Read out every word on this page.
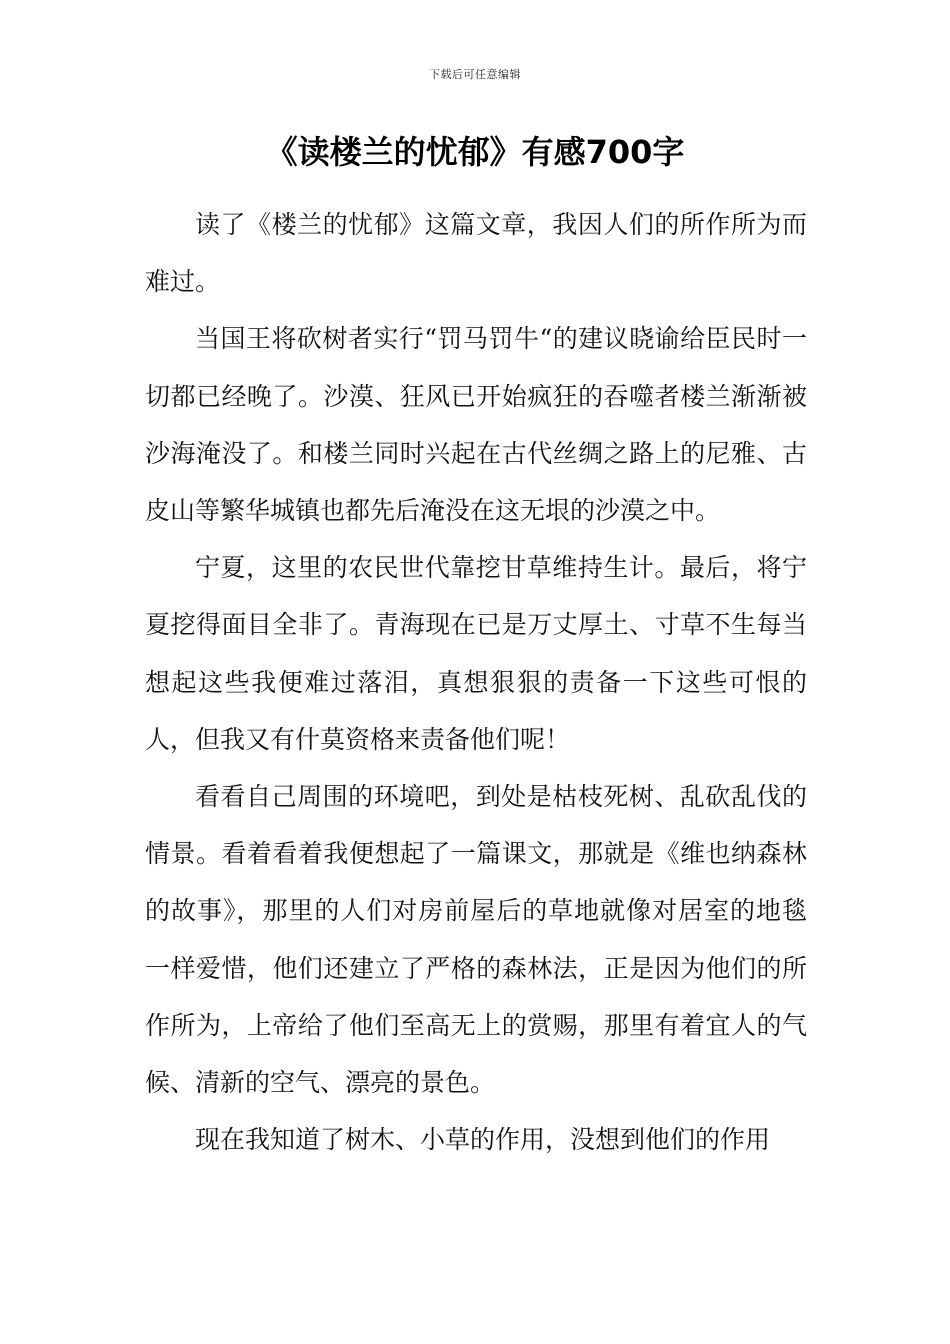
下载后可任意编辑
《读楼兰的忧郁》有感700字

读了《楼兰的忧郁》这篇文章，我因人们的所作所为而难过。

当国王将砍树者实行“罚马罚牛“的建议晓谕给臣民时一切都已经晚了。沙漠、狂风已开始疯狂的吞噬者楼兰渐渐被沙海淹没了。和楼兰同时兴起在古代丝绸之路上的尼雅、古皮山等繁华城镇也都先后淹没在这无垠的沙漠之中。

宁夏，这里的农民世代靠挖甘草维持生计。最后，将宁夏挖得面目全非了。青海现在已是万丈厚土、寸草不生每当想起这些我便难过落泪，真想狠狠的责备一下这些可恨的人，但我又有什莫资格来责备他们呢！

看看自己周围的环境吧，到处是枯枝死树、乱砍乱伐的情景。看着看着我便想起了一篇课文，那就是《维也纳森林的故事》，那里的人们对房前屋后的草地就像对居室的地毯一样爱惜，他们还建立了严格的森林法，正是因为他们的所作所为，上帝给了他们至高无上的赏赐，那里有着宜人的气候、清新的空气、漂亮的景色。

现在我知道了树木、小草的作用，没想到他们的作用
